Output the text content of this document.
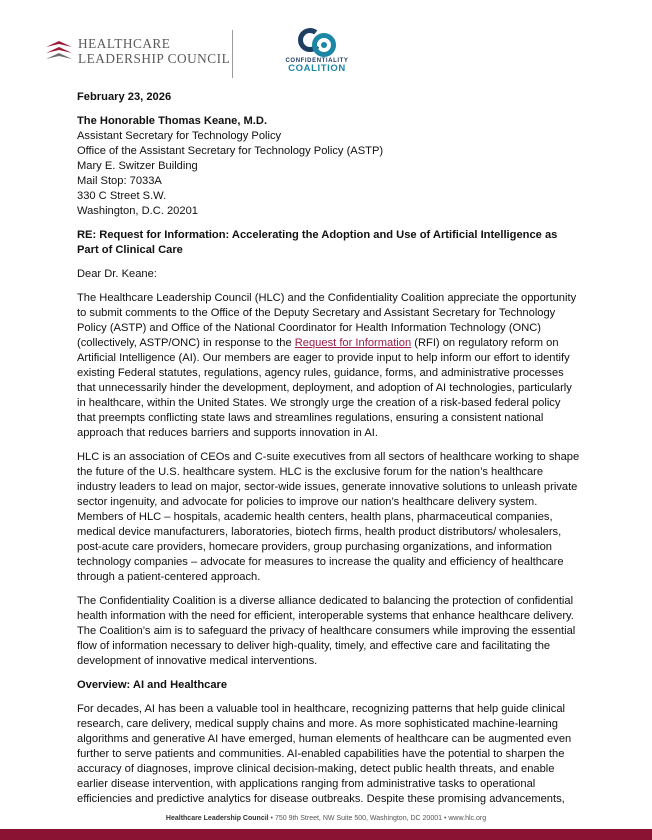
HEALTHCARE
LEADERSHIP COUNCIL	CONFIDENTIALITY
COALITION

February 23, 2026

The Honorable Thomas Keane, M.D.

Assistant Secretary for Technology Policy

Office of the Assistant Secretary for Technology Policy (ASTP)

Mary E. Switzer Building

Mail Stop: 7033A

330 C Street S.W.

Washington, D.C. 20201

RE: Request for Information: Accelerating the Adoption and Use of Artificial Intelligence as Part of Clinical Care

Dear Dr. Keane:

The Healthcare Leadership Council (HLC) and the Confidentiality Coalition appreciate the opportunity to submit comments to the Office of the Deputy Secretary and Assistant Secretary for Technology Policy (ASTP) and Office of the National Coordinator for Health Information Technology (ONC) (collectively, ASTP/ONC) in response to the Request for Information (RFI) on regulatory reform on Artificial Intelligence (AI). Our members are eager to provide input to help inform our effort to identify existing Federal statutes, regulations, agency rules, guidance, forms, and administrative processes that unnecessarily hinder the development, deployment, and adoption of AI technologies, particularly in healthcare, within the United States. We strongly urge the creation of a risk-based federal policy that preempts conflicting state laws and streamlines regulations, ensuring a consistent national approach that reduces barriers and supports innovation in AI.

HLC is an association of CEOs and C-suite executives from all sectors of healthcare working to shape the future of the U.S. healthcare system. HLC is the exclusive forum for the nation’s healthcare industry leaders to lead on major, sector-wide issues, generate innovative solutions to unleash private sector ingenuity, and advocate for policies to improve our nation’s healthcare delivery system. Members of HLC – hospitals, academic health centers, health plans, pharmaceutical companies, medical device manufacturers, laboratories, biotech firms, health product distributors/ wholesalers, post-acute care providers, homecare providers, group purchasing organizations, and information technology companies – advocate for measures to increase the quality and efficiency of healthcare through a patient-centered approach.

The Confidentiality Coalition is a diverse alliance dedicated to balancing the protection of confidential health information with the need for efficient, interoperable systems that enhance healthcare delivery. The Coalition’s aim is to safeguard the privacy of healthcare consumers while improving the essential flow of information necessary to deliver high-quality, timely, and effective care and facilitating the development of innovative medical interventions.

Overview: AI and Healthcare

For decades, AI has been a valuable tool in healthcare, recognizing patterns that help guide clinical research, care delivery, medical supply chains and more. As more sophisticated machine-learning algorithms and generative AI have emerged, human elements of healthcare can be augmented even further to serve patients and communities. AI-enabled capabilities have the potential to sharpen the accuracy of diagnoses, improve clinical decision-making, detect public health threats, and enable earlier disease intervention, with applications ranging from administrative tasks to operational efficiencies and predictive analytics for disease outbreaks. Despite these promising advancements,

Healthcare Leadership Council • 750 9th Street, NW Suite 500, Washington, DC 20001 • www.hlc.org
